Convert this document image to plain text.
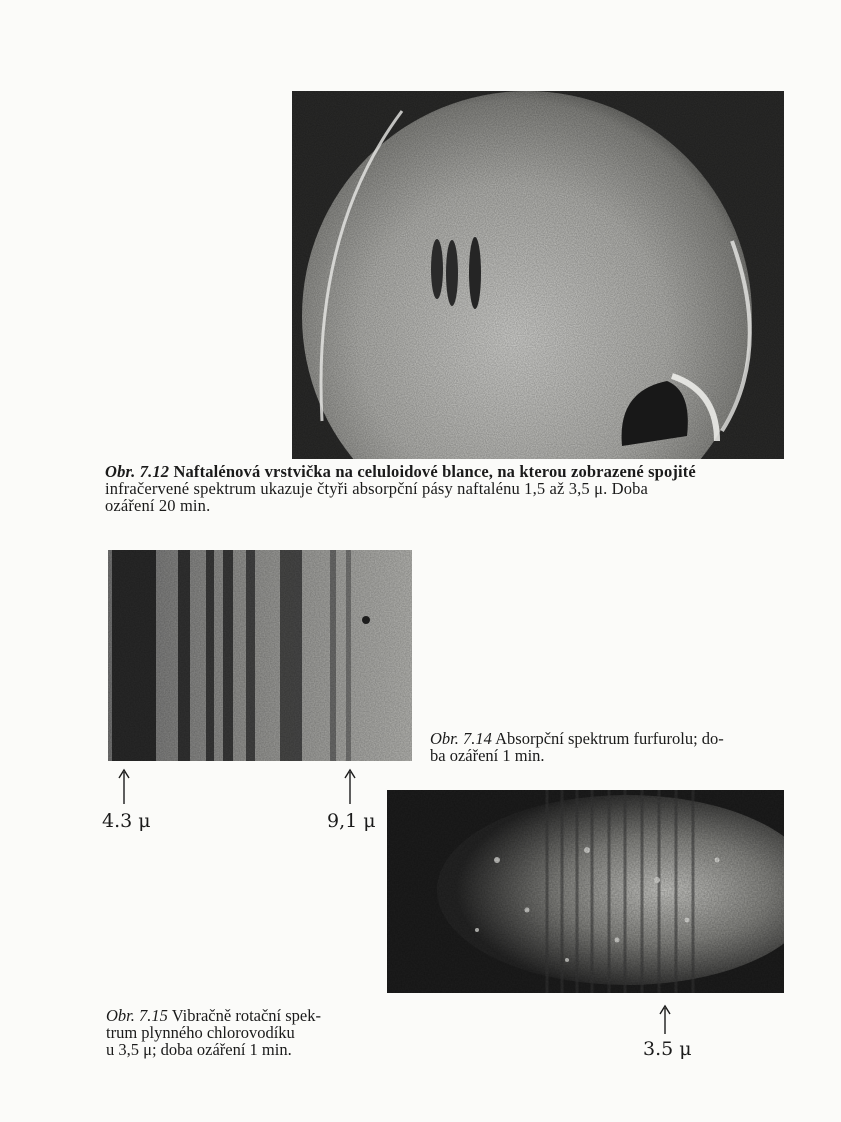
Obr. 7.12 Naftalénová vrstvička na celuloidové blance, na kterou zobrazené spojité
infračervené spektrum ukazuje čtyři absorpční pásy naftalénu 1,5 až 3,5 μ. Doba
ozáření 20 min.
4.3 μ	9,1 μ
Obr. 7.14 Absorpční spektrum furfurolu; do-
ba ozáření 1 min.
3.5 μ
Obr. 7.15 Vibračně rotační spek-
trum plynného chlorovodíku
u 3,5 μ; doba ozáření 1 min.
